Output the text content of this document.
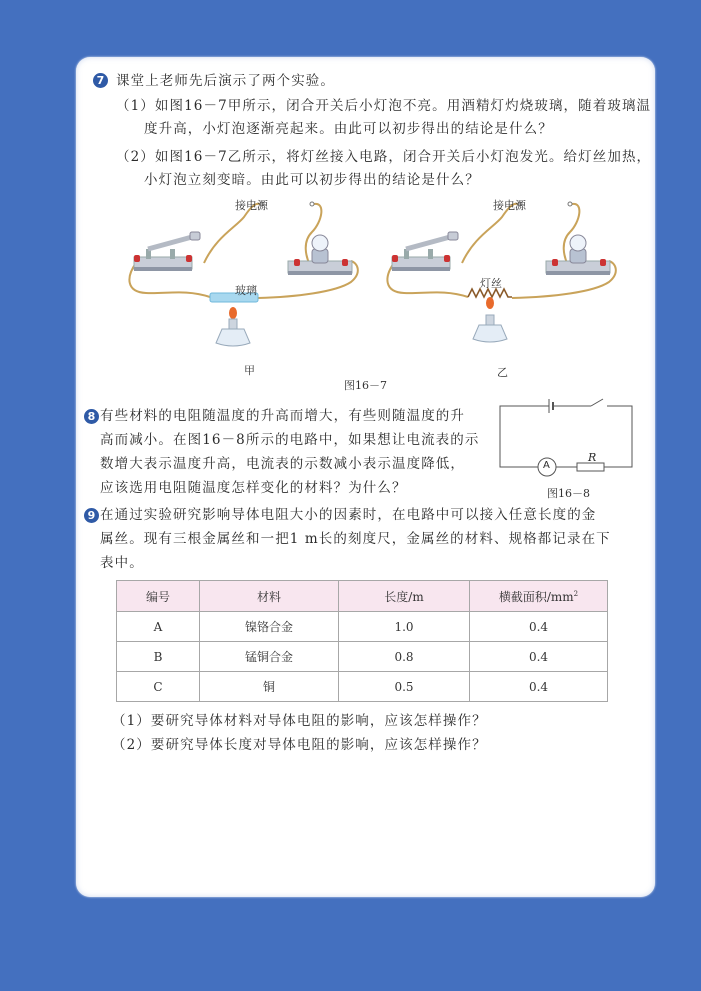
7 课堂上老师先后演示了两个实验。
（1）如图16－7甲所示，闭合开关后小灯泡不亮。用酒精灯灼烧玻璃，随着玻璃温
度升高，小灯泡逐渐亮起来。由此可以初步得出的结论是什么？
（2）如图16－7乙所示，将灯丝接入电路，闭合开关后小灯泡发光。给灯丝加热，
小灯泡立刻变暗。由此可以初步得出的结论是什么？
接电源
玻璃
甲
接电源
灯丝
乙
图16－7
8 有些材料的电阻随温度的升高而增大，有些则随温度的升
高而减小。在图16－8所示的电路中，如果想让电流表的示
数增大表示温度升高，电流表的示数减小表示温度降低，
应该选用电阻随温度怎样变化的材料？为什么？
A
R
图16－8
9 在通过实验研究影响导体电阻大小的因素时，在电路中可以接入任意长度的金
属丝。现有三根金属丝和一把1 m长的刻度尺，金属丝的材料、规格都记录在下
表中。
编号	材料	长度/m	横截面积$/mm^2$
A	镍铬合金	1.0	0.4
B	锰铜合金	0.8	0.4
C	铜	0.5	0.4
（1）要研究导体材料对导体电阻的影响，应该怎样操作？
（2）要研究导体长度对导体电阻的影响，应该怎样操作？
